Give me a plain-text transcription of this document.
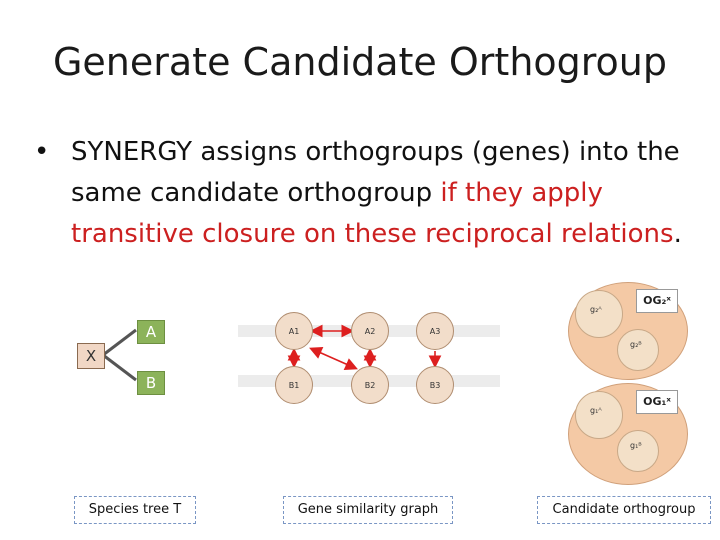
Generate Candidate Orthogroup
• SYNERGY assigns orthogroups (genes) into the same candidate orthogroup if they apply transitive closure on these reciprocal relations.
X
A
B
A1	A2	A3
B1	B2	B3
g₂ᴬ
OG₂ˣ
g₂ᴮ
g₁ᴬ
OG₁ˣ
g₁ᴮ
Species tree T	Gene similarity graph	Candidate orthogroup
